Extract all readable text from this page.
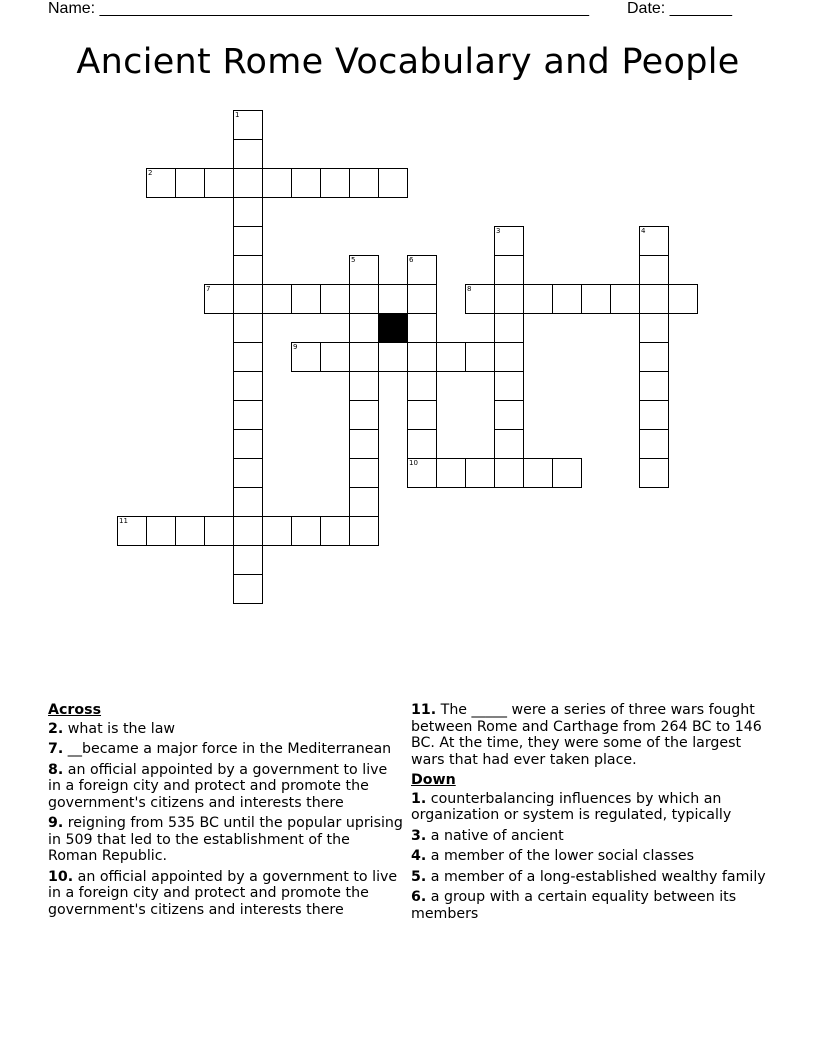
Name: _______________________________________________________ Date: _______
Ancient Rome Vocabulary and People
1
2
3	4
5	6
7	8
9
10
11
Across
2. what is the law
7. __became a major force in the Mediterranean
8. an official appointed by a government to live in a foreign city and protect and promote the government's citizens and interests there
9. reigning from 535 BC until the popular uprising in 509 that led to the establishment of the Roman Republic.
10. an official appointed by a government to live in a foreign city and protect and promote the government's citizens and interests there
11. The _____ were a series of three wars fought between Rome and Carthage from 264 BC to 146 BC. At the time, they were some of the largest wars that had ever taken place.
Down
1. counterbalancing influences by which an organization or system is regulated, typically
3. a native of ancient
4. a member of the lower social classes
5. a member of a long-established wealthy family
6. a group with a certain equality between its members
